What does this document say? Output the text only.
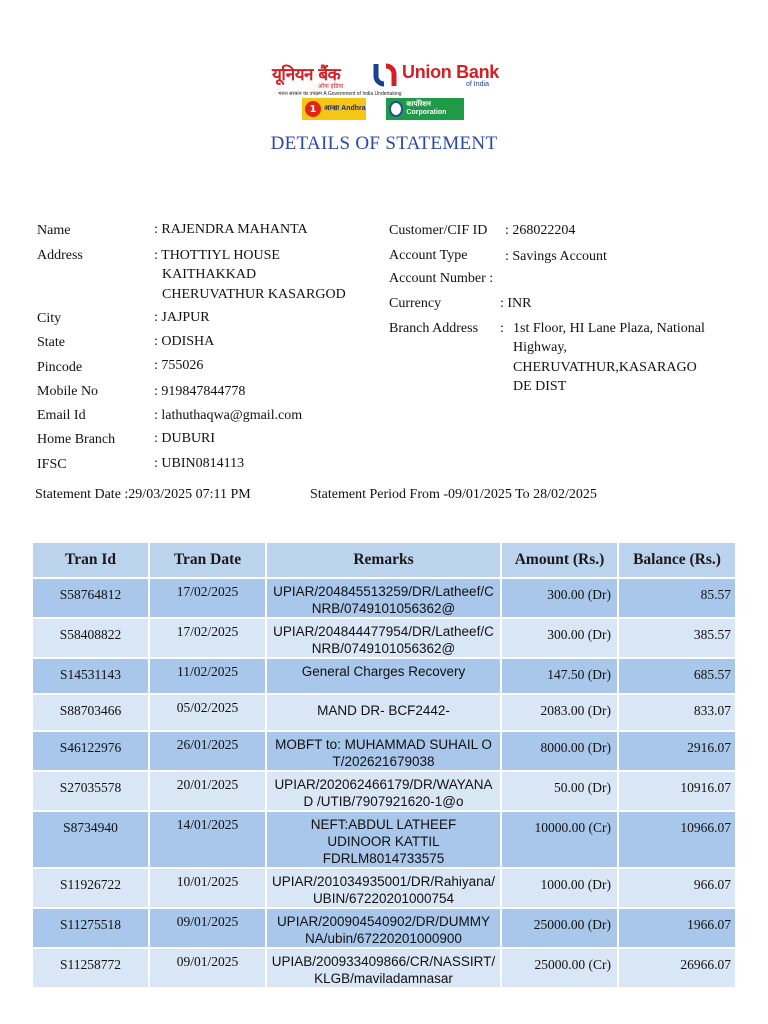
यूनियन बैंक
ऑफ इंडिया
Union Bank
of India
भारत सरकार का उपक्रम A Government of India Undertaking
1	आन्ध्रा Andhra
कार्पोरेशन Corporation
DETAILS OF STATEMENT
Name	: RAJENDRA MAHANTA
Address	: THOTTIYL HOUSE
KAITHAKKAD
CHERUVATHUR KASARGOD
City	: JAJPUR
State	: ODISHA
Pincode	: 755026
Mobile No	: 919847844778
Email Id	: lathuthaqwa@gmail.com
Home Branch	: DUBURI
IFSC	: UBIN0814113
Customer/CIF ID : 268022204
Account Type	: Savings Account
Account Number :
Currency	: INR
Branch Address : 1st Floor, HI Lane Plaza, National
Highway,
CHERUVATHUR,KASARAGO
DE DIST
Statement Date :29/03/2025 07:11 PM	Statement Period From -09/01/2025 To 28/02/2025
Tran Id	Tran Date	Remarks	Amount (Rs.)	Balance (Rs.)
S58764812	17/02/2025	UPIAR/204845513259/DR/Latheef/CNRB/0749101056362@	300.00 (Dr)	85.57
S58408822	17/02/2025	UPIAR/204844477954/DR/Latheef/CNRB/0749101056362@	300.00 (Dr)	385.57
S14531143	11/02/2025	General Charges Recovery	147.50 (Dr)	685.57
S88703466	05/02/2025	MAND DR- BCF2442-	2083.00 (Dr)	833.07
S46122976	26/01/2025	MOBFT to: MUHAMMAD SUHAIL O T/202621679038	8000.00 (Dr)	2916.07
S27035578	20/01/2025	UPIAR/202062466179/DR/WAYANAD /UTIB/7907921620-1@o	50.00 (Dr)	10916.07
S8734940	14/01/2025	NEFT:ABDUL LATHEEF UDINOOR KATTIL FDRLM8014733575	10000.00 (Cr)	10966.07
S11926722	10/01/2025	UPIAR/201034935001/DR/Rahiyana/UBIN/67220201000754	1000.00 (Dr)	966.07
S11275518	09/01/2025	UPIAR/200904540902/DR/DUMMY NA/ubin/67220201000900	25000.00 (Dr)	1966.07
S11258772	09/01/2025	UPIAB/200933409866/CR/NASSIRT/KLGB/maviladamnasar	25000.00 (Cr)	26966.07
